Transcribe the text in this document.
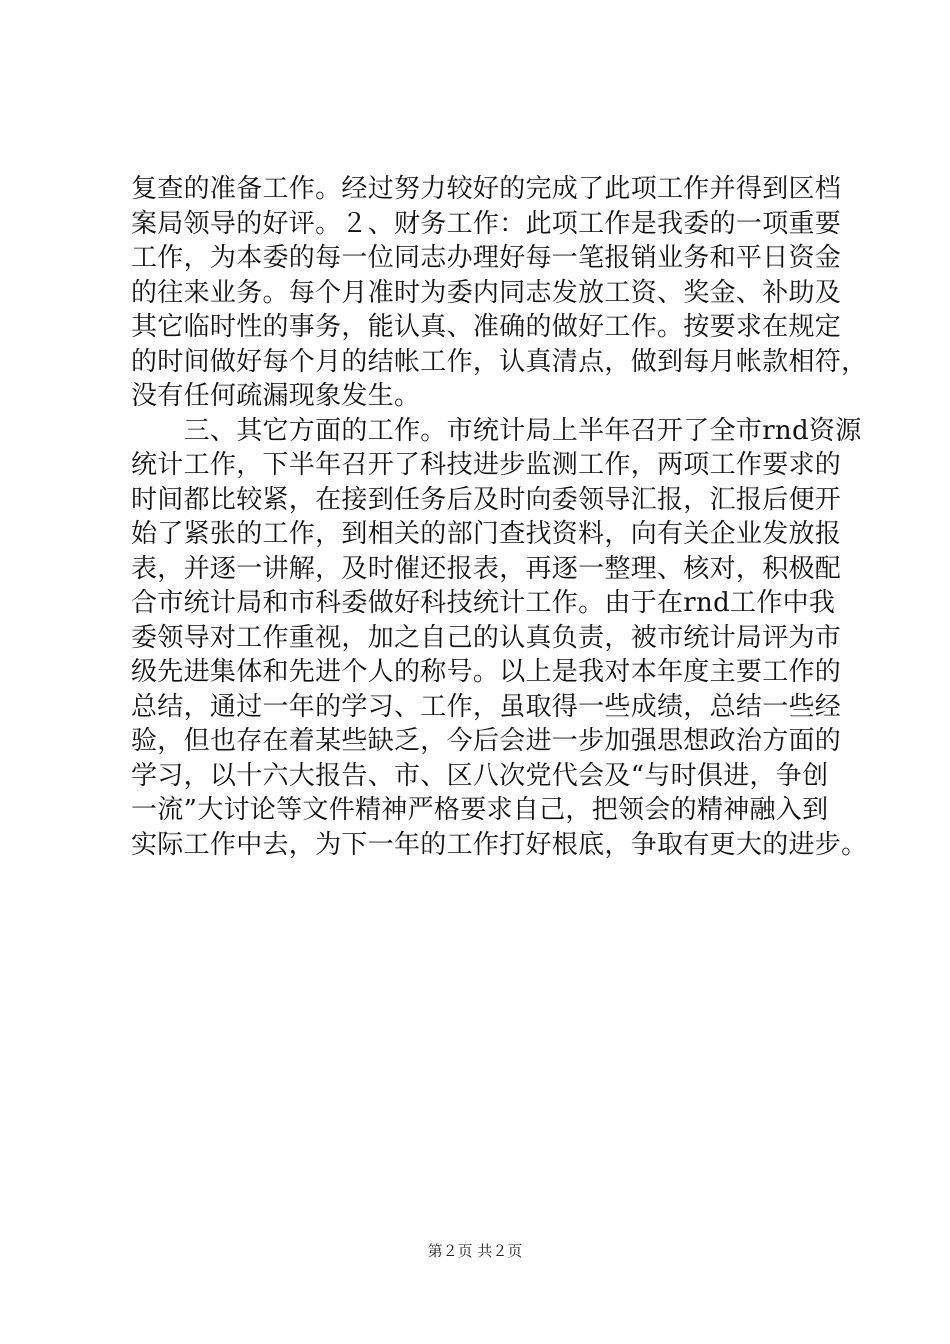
复查的准备工作。经过努力较好的完成了此项工作并得到区档
案局领导的好评。２、财务工作：此项工作是我委的一项重要
工作，为本委的每一位同志办理好每一笔报销业务和平日资金
的往来业务。每个月准时为委内同志发放工资、奖金、补助及
其它临时性的事务，能认真、准确的做好工作。按要求在规定
的时间做好每个月的结帐工作，认真清点，做到每月帐款相符，
没有任何疏漏现象发生。
　　三、其它方面的工作。市统计局上半年召开了全市rnd资源
统计工作，下半年召开了科技进步监测工作，两项工作要求的
时间都比较紧，在接到任务后及时向委领导汇报，汇报后便开
始了紧张的工作，到相关的部门查找资料，向有关企业发放报
表，并逐一讲解，及时催还报表，再逐一整理、核对，积极配
合市统计局和市科委做好科技统计工作。由于在rnd工作中我
委领导对工作重视，加之自己的认真负责，被市统计局评为市
级先进集体和先进个人的称号。以上是我对本年度主要工作的
总结，通过一年的学习、工作，虽取得一些成绩，总结一些经
验，但也存在着某些缺乏，今后会进一步加强思想政治方面的
学习，以十六大报告、市、区八次党代会及“与时俱进，争创
一流”大讨论等文件精神严格要求自己，把领会的精神融入到
实际工作中去，为下一年的工作打好根底，争取有更大的进步。
第２页 共２页
